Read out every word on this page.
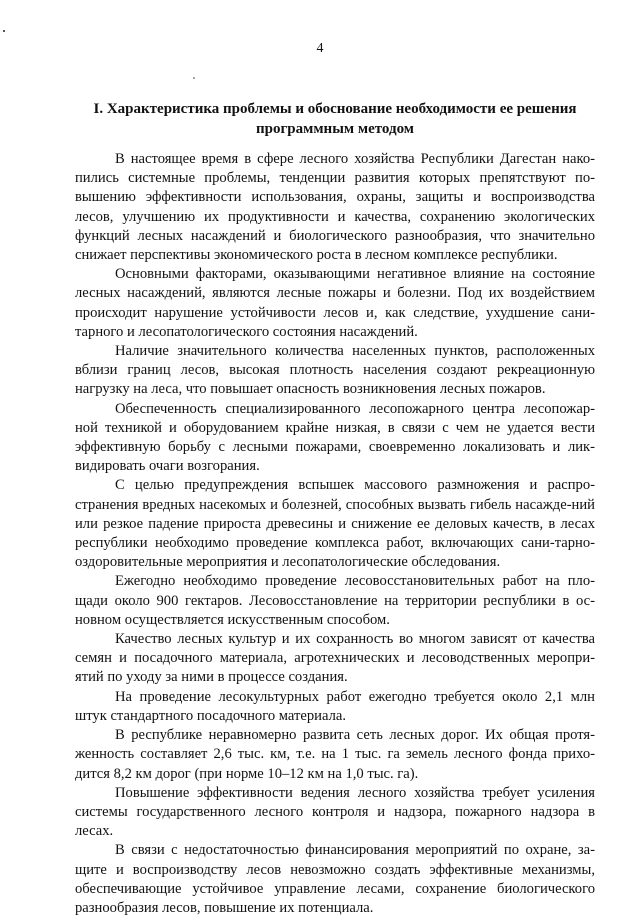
4
I. Характеристика проблемы и обоснование необходимости ее решения
программным методом

В настоящее время в сфере лесного хозяйства Республики Дагестан нако-пились системные проблемы, тенденции развития которых препятствуют по-вышению эффективности использования, охраны, защиты и воспроизводства лесов, улучшению их продуктивности и качества, сохранению экологических функций лесных насаждений и биологического разнообразия, что значительно снижает перспективы экономического роста в лесном комплексе республики.

Основными факторами, оказывающими негативное влияние на состояние лесных насаждений, являются лесные пожары и болезни. Под их воздействием происходит нарушение устойчивости лесов и, как следствие, ухудшение сани-тарного и лесопатологического состояния насаждений.

Наличие значительного количества населенных пунктов, расположенных вблизи границ лесов, высокая плотность населения создают рекреационную нагрузку на леса, что повышает опасность возникновения лесных пожаров.

Обеспеченность специализированного лесопожарного центра лесопожар-ной техникой и оборудованием крайне низкая, в связи с чем не удается вести эффективную борьбу с лесными пожарами, своевременно локализовать и лик-видировать очаги возгорания.

С целью предупреждения вспышек массового размножения и распро-странения вредных насекомых и болезней, способных вызвать гибель насажде-ний или резкое падение прироста древесины и снижение ее деловых качеств, в лесах республики необходимо проведение комплекса работ, включающих сани-тарно-оздоровительные мероприятия и лесопатологические обследования.

Ежегодно необходимо проведение лесовосстановительных работ на пло-щади около 900 гектаров. Лесовосстановление на территории республики в ос-новном осуществляется искусственным способом.

Качество лесных культур и их сохранность во многом зависят от качества семян и посадочного материала, агротехнических и лесоводственных меропри-ятий по уходу за ними в процессе создания.

На проведение лесокультурных работ ежегодно требуется около 2,1 млн штук стандартного посадочного материала.

В республике неравномерно развита сеть лесных дорог. Их общая протя-женность составляет 2,6 тыс. км, т.е. на 1 тыс. га земель лесного фонда прихо-дится 8,2 км дорог (при норме 10–12 км на 1,0 тыс. га).

Повышение эффективности ведения лесного хозяйства требует усиления системы государственного лесного контроля и надзора, пожарного надзора в лесах.

В связи с недостаточностью финансирования мероприятий по охране, за-щите и воспроизводству лесов невозможно создать эффективные механизмы, обеспечивающие устойчивое управление лесами, сохранение биологического разнообразия лесов, повышение их потенциала.
